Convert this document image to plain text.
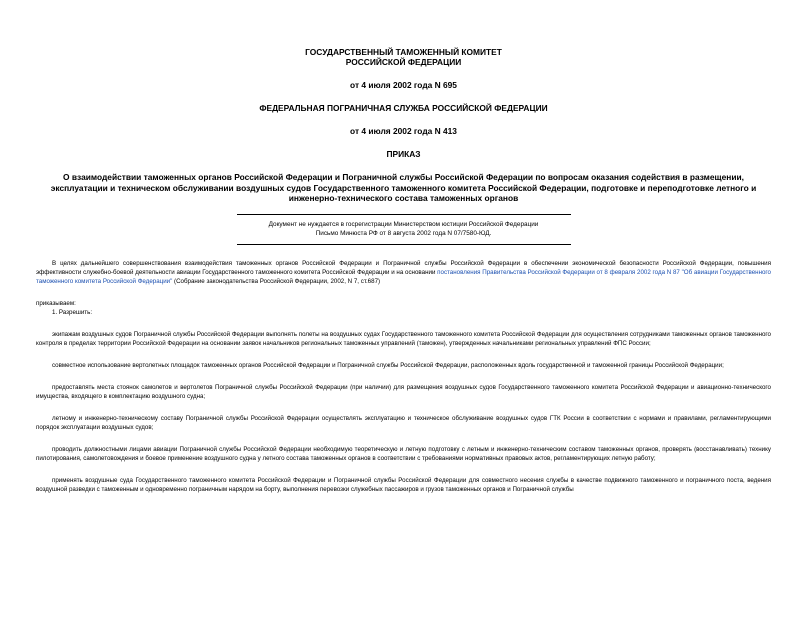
ГОСУДАРСТВЕННЫЙ ТАМОЖЕННЫЙ КОМИТЕТ
РОССИЙСКОЙ ФЕДЕРАЦИИ
от 4 июля 2002 года N 695
ФЕДЕРАЛЬНАЯ ПОГРАНИЧНАЯ СЛУЖБА РОССИЙСКОЙ ФЕДЕРАЦИИ
от 4 июля 2002 года N 413
ПРИКАЗ
О взаимодействии таможенных органов Российской Федерации и Пограничной службы Российской Федерации по вопросам оказания содействия в размещении, эксплуатации и техническом обслуживании воздушных судов Государственного таможенного комитета Российской Федерации, подготовке и переподготовке летного и инженерно-технического состава таможенных органов
Документ не нуждается в госрегистрации Министерством юстиции Российской Федерации
Письмо Минюста РФ от 8 августа 2002 года N 07/7580-ЮД.
В целях дальнейшего совершенствования взаимодействия таможенных органов Российской Федерации и Пограничной службы Российской Федерации в обеспечении экономической безопасности Российской Федерации, повышения эффективности служебно-боевой деятельности авиации Государственного таможенного комитета Российской Федерации и на основании постановления Правительства Российской Федерации от 8 февраля 2002 года N 87 "Об авиации Государственного таможенного комитета Российской Федерации" (Собрание законодательства Российской Федерации, 2002, N 7, ст.687)
приказываем:
1. Разрешить:
экипажам воздушных судов Пограничной службы Российской Федерации выполнять полеты на воздушных судах Государственного таможенного комитета Российской Федерации для осуществления сотрудниками таможенных органов таможенного контроля в пределах территории Российской Федерации на основании заявок начальников региональных таможенных управлений (таможен), утвержденных начальниками региональных управлений ФПС России;
совместное использование вертолетных площадок таможенных органов Российской Федерации и Пограничной службы Российской Федерации, расположенных вдоль государственной и таможенной границы Российской Федерации;
предоставлять места стоянок самолетов и вертолетов Пограничной службы Российской Федерации (при наличии) для размещения воздушных судов Государственного таможенного комитета Российской Федерации и авиационно-технического имущества, входящего в комплектацию воздушного судна;
летному и инженерно-техническому составу Пограничной службы Российской Федерации осуществлять эксплуатацию и техническое обслуживание воздушных судов ГТК России в соответствии с нормами и правилами, регламентирующими порядок эксплуатации воздушных судов;
проводить должностными лицами авиации Пограничной службы Российской Федерации необходимую теоретическую и летную подготовку с летным и инженерно-техническим составом таможенных органов, проверять (восстанавливать) технику пилотирования, самолетовождения и боевое применение воздушного судна у летного состава таможенных органов в соответствии с требованиями нормативных правовых актов, регламентирующих летную работу;
применять воздушные суда Государственного таможенного комитета Российской Федерации и Пограничной службы Российской Федерации для совместного несения службы в качестве подвижного таможенного и пограничного поста, ведения воздушной разведки с таможенным и одновременно пограничным нарядом на борту, выполнения перевозки служебных пассажиров и грузов таможенных органов и Пограничной службы
